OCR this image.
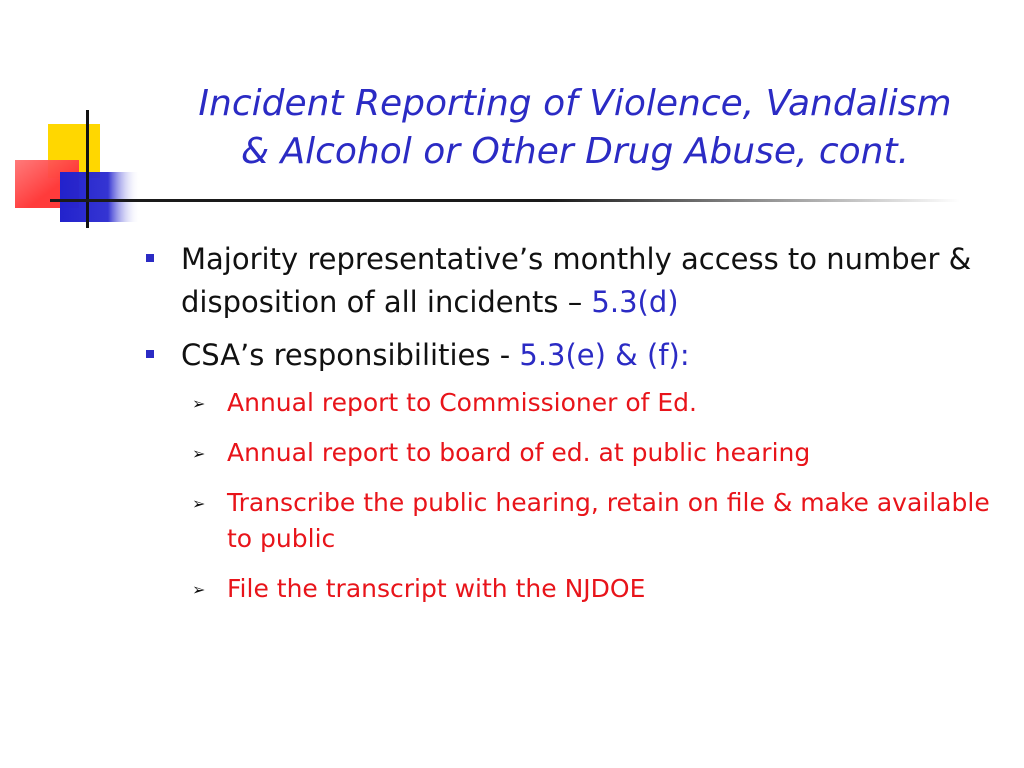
Incident Reporting of Violence, Vandalism
& Alcohol or Other Drug Abuse, cont.
Majority representative’s monthly access to number & disposition of all incidents – 5.3(d)
CSA’s responsibilities - 5.3(e) & (f):
➢ Annual report to Commissioner of Ed.
➢ Annual report to board of ed. at public hearing
➢ Transcribe the public hearing, retain on file & make available to public
➢ File the transcript with the NJDOE
